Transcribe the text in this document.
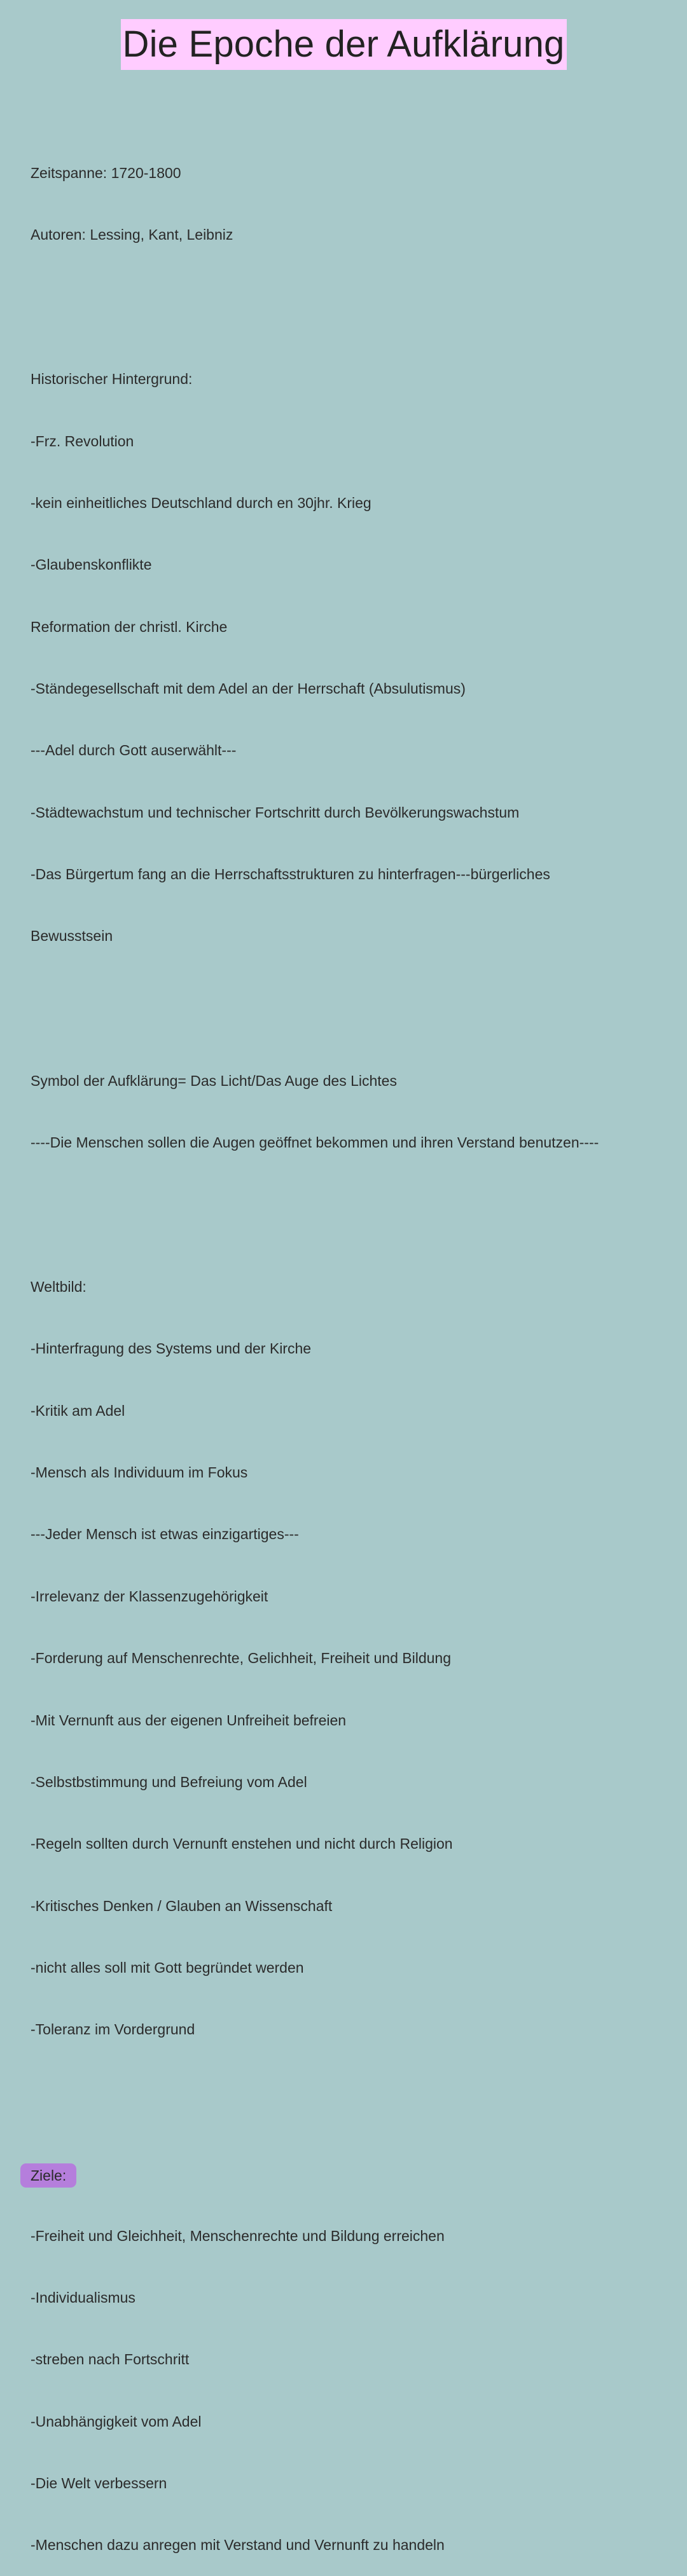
Die Epoche der Aufklärung

Zeitspanne: 1720-1800

Autoren: Lessing, Kant, Leibniz

Historischer Hintergrund:

-Frz. Revolution

-kein einheitliches Deutschland durch en 30jhr. Krieg

-Glaubenskonflikte

Reformation der christl. Kirche

-Ständegesellschaft mit dem Adel an der Herrschaft (Absulutismus)

---Adel durch Gott auserwählt---

-Städtewachstum und technischer Fortschritt durch Bevölkerungswachstum

-Das Bürgertum fang an die Herrschaftsstrukturen zu hinterfragen---bürgerliches

Bewusstsein

Symbol der Aufklärung= Das Licht/Das Auge des Lichtes

----Die Menschen sollen die Augen geöffnet bekommen und ihren Verstand benutzen----

Weltbild:

-Hinterfragung des Systems und der Kirche

-Kritik am Adel

-Mensch als Individuum im Fokus

---Jeder Mensch ist etwas einzigartiges---

-Irrelevanz der Klassenzugehörigkeit

-Forderung auf Menschenrechte, Gelichheit, Freiheit und Bildung

-Mit Vernunft aus der eigenen Unfreiheit befreien

-Selbstbstimmung und Befreiung vom Adel

-Regeln sollten durch Vernunft enstehen und nicht durch Religion

-Kritisches Denken / Glauben an Wissenschaft

-nicht alles soll mit Gott begründet werden

-Toleranz im Vordergrund

Ziele:

-Freiheit und Gleichheit, Menschenrechte und Bildung erreichen

-Individualismus

-streben nach Fortschritt

-Unabhängigkeit vom Adel

-Die Welt verbessern

-Menschen dazu anregen mit Verstand und Vernunft zu handeln
